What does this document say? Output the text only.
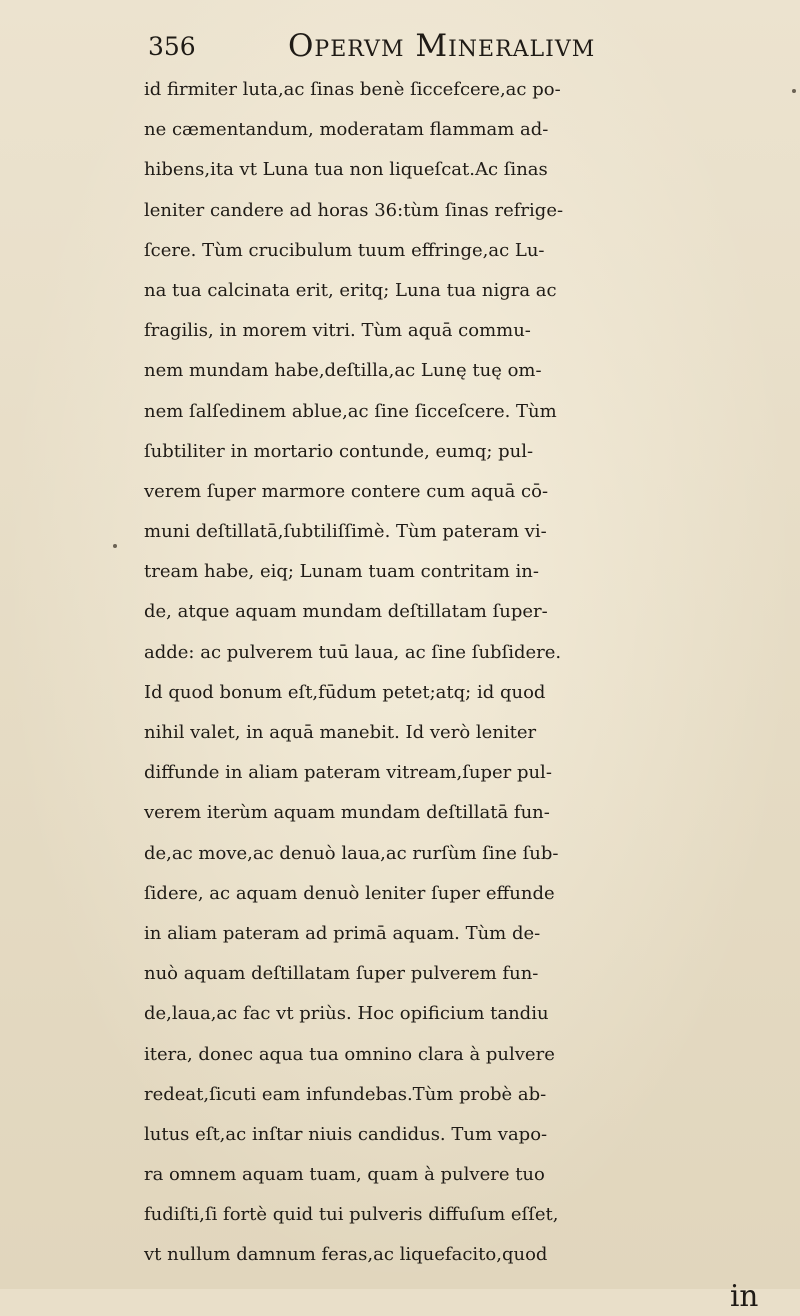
356	Opervm Mineralivm
id firmiter luta,ac ſinas benè ſiccefcere,ac po-
ne cæmentandum, moderatam flammam ad-
hibens,ita vt Luna tua non liqueſcat.Ac ſinas
leniter candere ad horas 36:tùm ſinas refrige-
ſcere. Tùm crucibulum tuum effringe,ac Lu-
na tua calcinata erit, eritq; Luna tua nigra ac
fragilis, in morem vitri. Tùm aquā commu-
nem mundam habe,deſtilla,ac Lunę tuę om-
nem ſalſedinem ablue,ac ſine ſicceſcere. Tùm
ſubtiliter in mortario contunde, eumq; pul-
verem ſuper marmore contere cum aquā cō-
muni deſtillatā,ſubtiliſſimè. Tùm pateram vi-
tream habe, eiq; Lunam tuam contritam in-
de, atque aquam mundam deſtillatam ſuper-
adde: ac pulverem tuū laua, ac ſine ſubſidere.
Id quod bonum eſt,fūdum petet;atq; id quod
nihil valet, in aquā manebit. Id verò leniter
diffunde in aliam pateram vitream,ſuper pul-
verem iterùm aquam mundam deſtillatā fun-
de,ac move,ac denuò laua,ac rurſùm ſine ſub-
ſidere, ac aquam denuò leniter ſuper effunde
in aliam pateram ad primā aquam. Tùm de-
nuò aquam deſtillatam ſuper pulverem fun-
de,laua,ac fac vt priùs. Hoc opificium tandiu
itera, donec aqua tua omnino clara à pulvere
redeat,ſicuti eam infundebas.Tùm probè ab-
lutus eſt,ac inſtar niuis candidus. Tum vapo-
ra omnem aquam tuam, quam à pulvere tuo
fudiſti,ſi fortè quid tui pulveris diffuſum eſſet,
vt nullum damnum feras,ac liquefacito,quod
in
